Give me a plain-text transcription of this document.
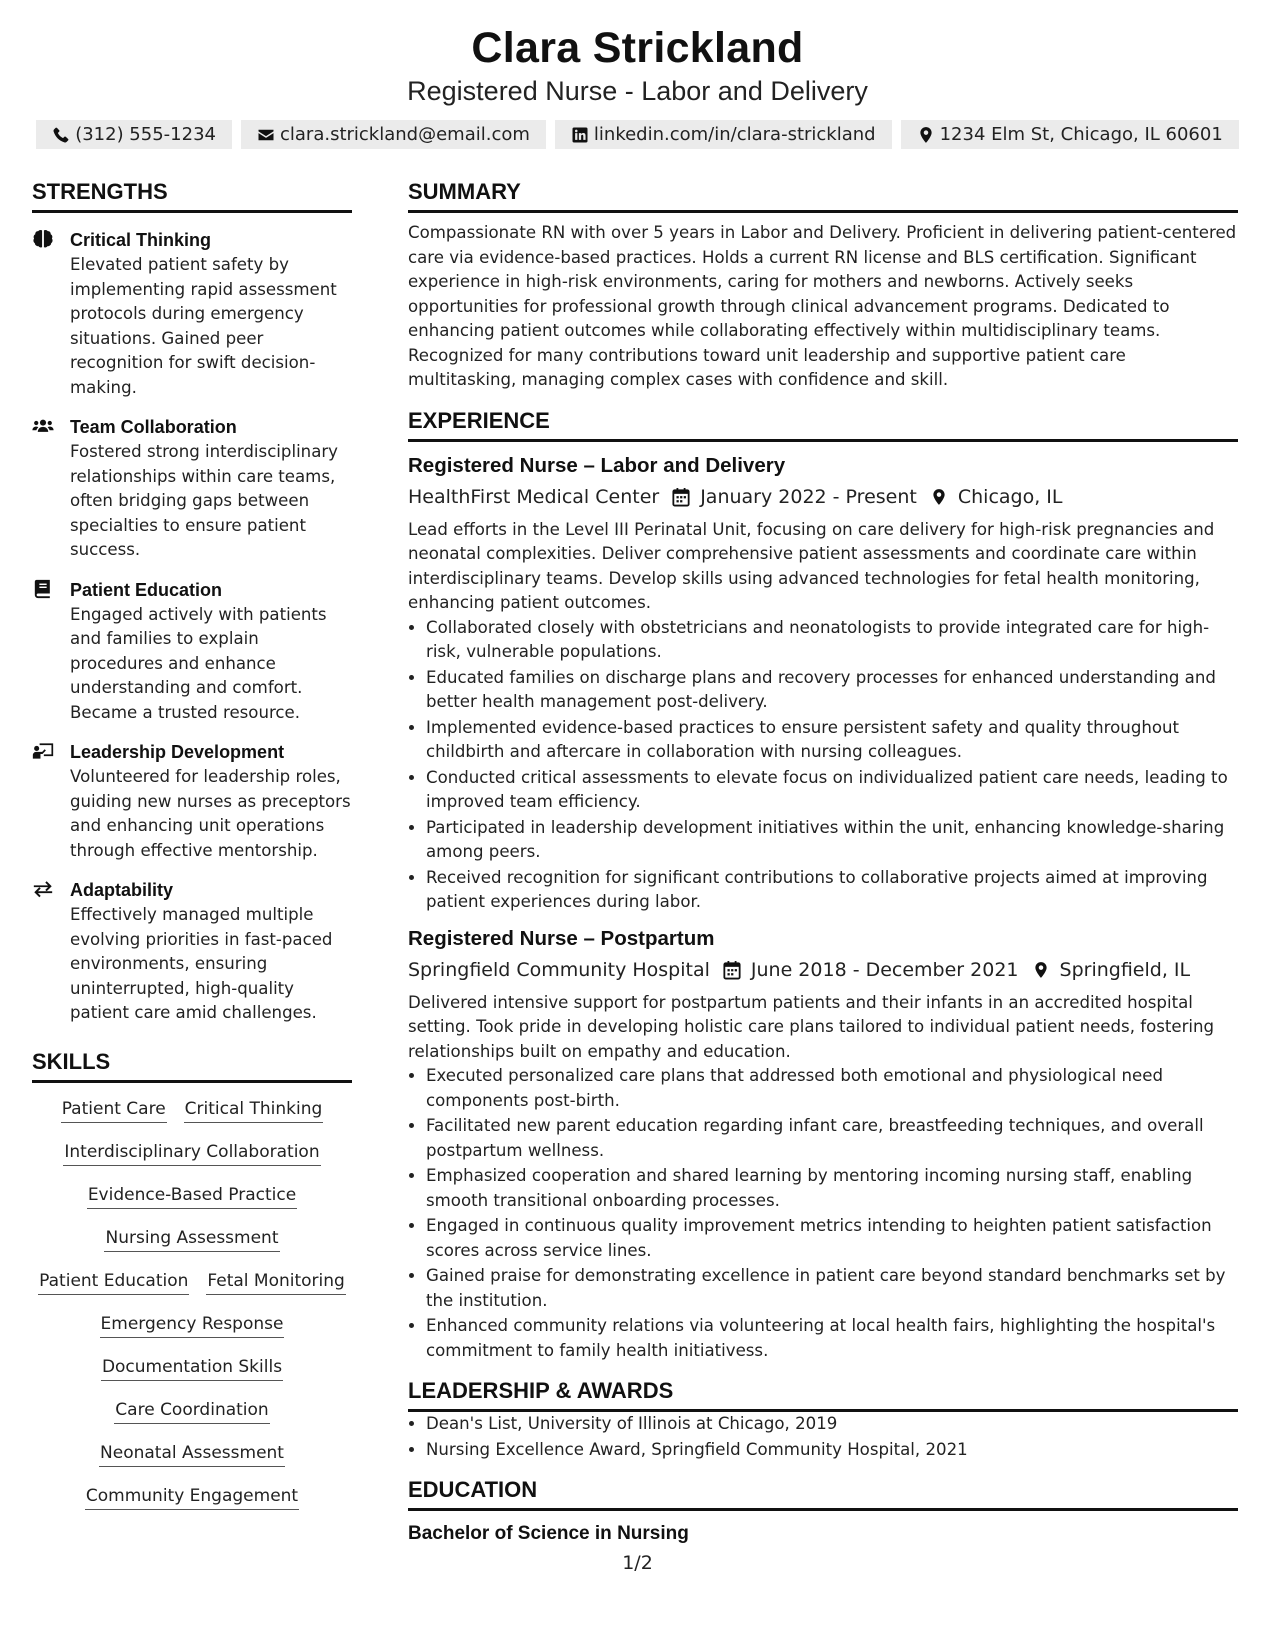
Clara Strickland
Registered Nurse - Labor and Delivery
(312) 555-1234	clara.strickland@email.com	linkedin.com/in/clara-strickland	1234 Elm St, Chicago, IL 60601
STRENGTHS
Critical Thinking
Elevated patient safety by implementing rapid assessment protocols during emergency situations. Gained peer recognition for swift decision-making.
Team Collaboration
Fostered strong interdisciplinary relationships within care teams, often bridging gaps between specialties to ensure patient success.
Patient Education
Engaged actively with patients and families to explain procedures and enhance understanding and comfort. Became a trusted resource.
Leadership Development
Volunteered for leadership roles, guiding new nurses as preceptors and enhancing unit operations through effective mentorship.
Adaptability
Effectively managed multiple evolving priorities in fast-paced environments, ensuring uninterrupted, high-quality patient care amid challenges.
SKILLS
Patient Care Critical Thinking
Interdisciplinary Collaboration
Evidence-Based Practice
Nursing Assessment
Patient Education Fetal Monitoring
Emergency Response
Documentation Skills
Care Coordination
Neonatal Assessment
Community Engagement
SUMMARY
Compassionate RN with over 5 years in Labor and Delivery. Proficient in delivering patient-centered care via evidence-based practices. Holds a current RN license and BLS certification. Significant experience in high-risk environments, caring for mothers and newborns. Actively seeks opportunities for professional growth through clinical advancement programs. Dedicated to enhancing patient outcomes while collaborating effectively within multidisciplinary teams. Recognized for many contributions toward unit leadership and supportive patient care multitasking, managing complex cases with confidence and skill.
EXPERIENCE
Registered Nurse – Labor and Delivery
HealthFirst Medical Center January 2022 - Present Chicago, IL
Lead efforts in the Level III Perinatal Unit, focusing on care delivery for high-risk pregnancies and neonatal complexities. Deliver comprehensive patient assessments and coordinate care within interdisciplinary teams. Develop skills using advanced technologies for fetal health monitoring, enhancing patient outcomes.
• Collaborated closely with obstetricians and neonatologists to provide integrated care for high-risk, vulnerable populations.
• Educated families on discharge plans and recovery processes for enhanced understanding and better health management post-delivery.
• Implemented evidence-based practices to ensure persistent safety and quality throughout childbirth and aftercare in collaboration with nursing colleagues.
• Conducted critical assessments to elevate focus on individualized patient care needs, leading to improved team efficiency.
• Participated in leadership development initiatives within the unit, enhancing knowledge-sharing among peers.
• Received recognition for significant contributions to collaborative projects aimed at improving patient experiences during labor.
Registered Nurse – Postpartum
Springfield Community Hospital June 2018 - December 2021 Springfield, IL
Delivered intensive support for postpartum patients and their infants in an accredited hospital setting. Took pride in developing holistic care plans tailored to individual patient needs, fostering relationships built on empathy and education.
• Executed personalized care plans that addressed both emotional and physiological need components post-birth.
• Facilitated new parent education regarding infant care, breastfeeding techniques, and overall postpartum wellness.
• Emphasized cooperation and shared learning by mentoring incoming nursing staff, enabling smooth transitional onboarding processes.
• Engaged in continuous quality improvement metrics intending to heighten patient satisfaction scores across service lines.
• Gained praise for demonstrating excellence in patient care beyond standard benchmarks set by the institution.
• Enhanced community relations via volunteering at local health fairs, highlighting the hospital's commitment to family health initiativess.
LEADERSHIP & AWARDS
• Dean's List, University of Illinois at Chicago, 2019
• Nursing Excellence Award, Springfield Community Hospital, 2021
EDUCATION
Bachelor of Science in Nursing
1/2
